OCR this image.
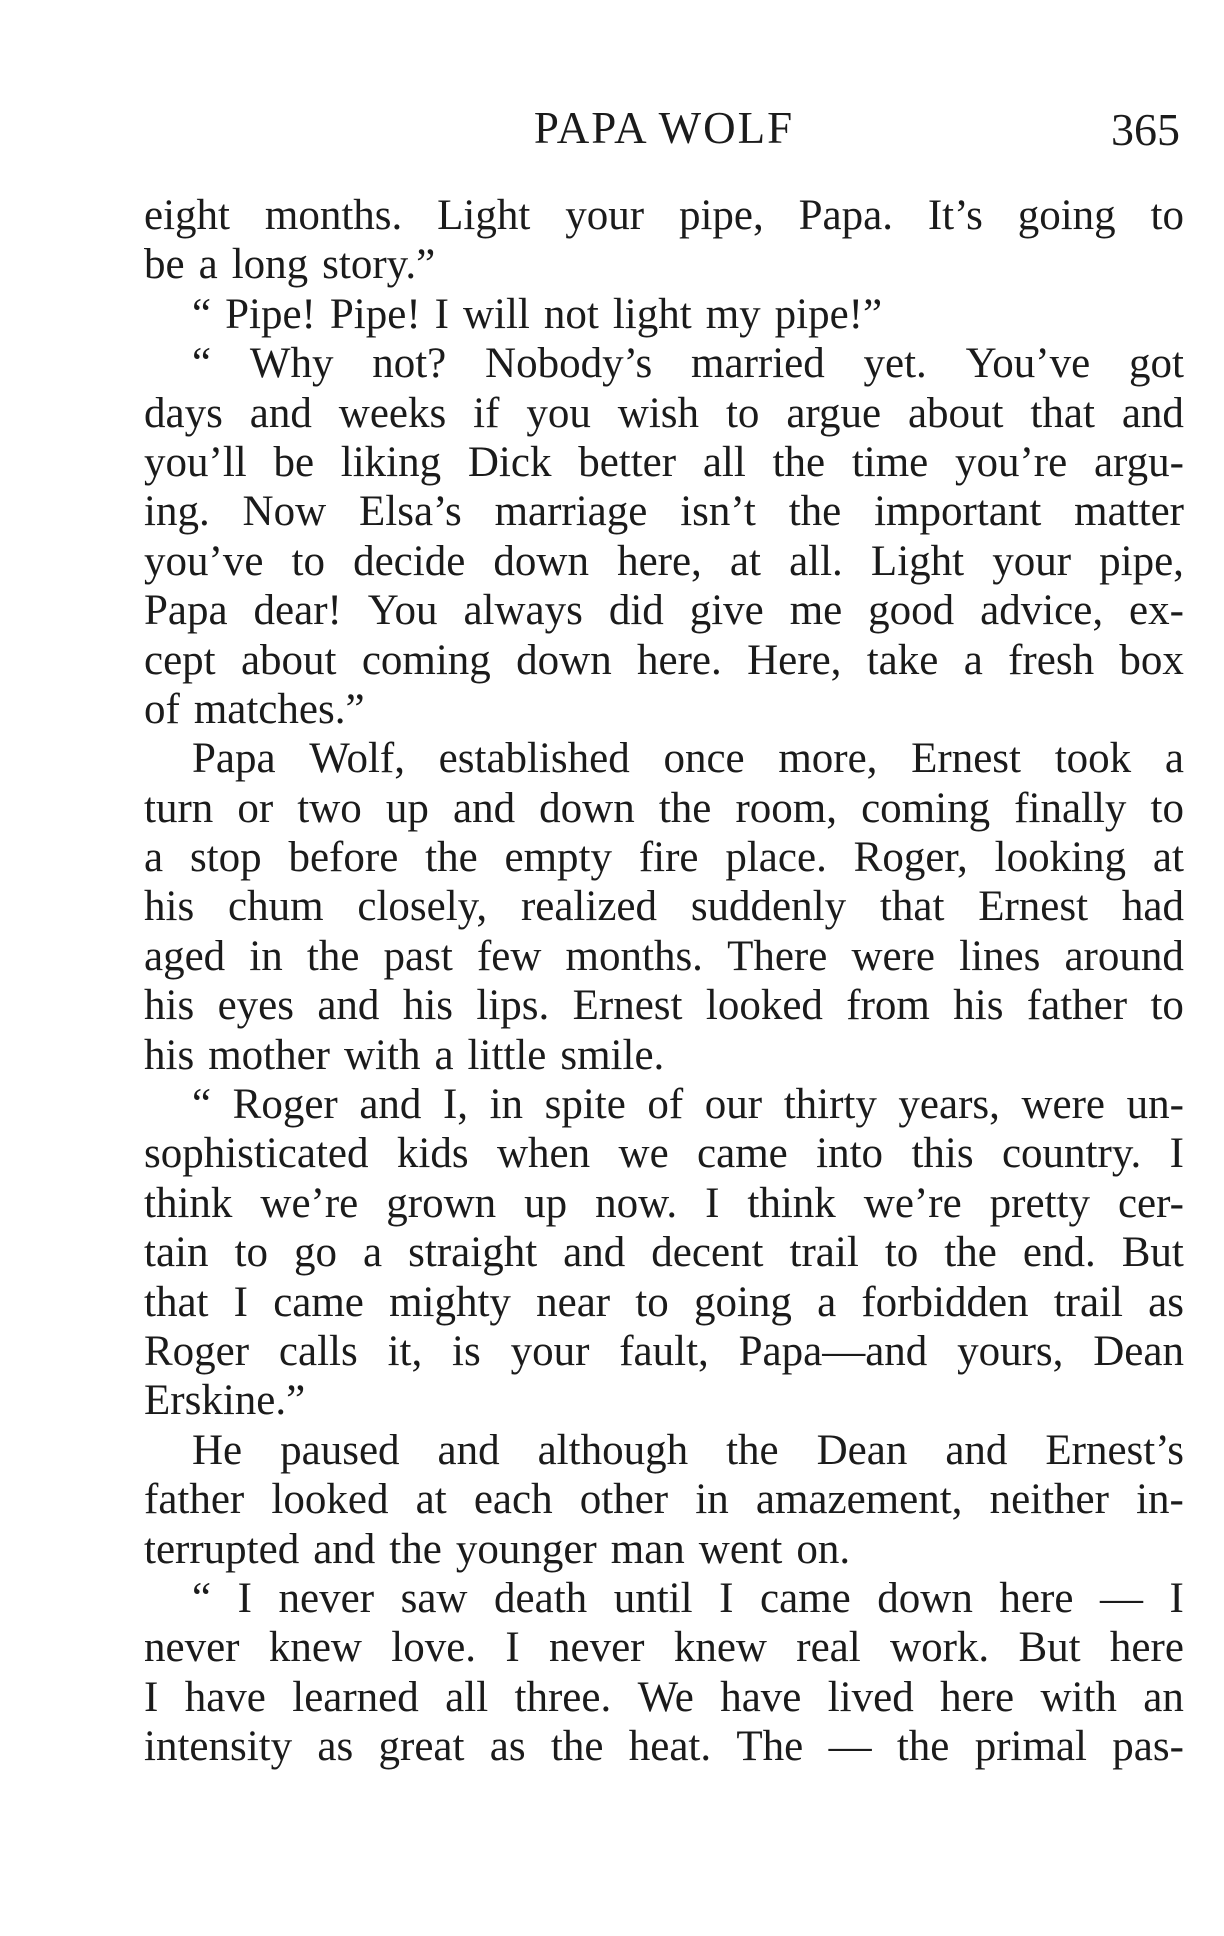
PAPA WOLF	365
eight months. Light your pipe, Papa. It’s going to
be a long story.”
“ Pipe! Pipe! I will not light my pipe!”
“ Why not? Nobody’s married yet. You’ve got
days and weeks if you wish to argue about that and
you’ll be liking Dick better all the time you’re argu-
ing. Now Elsa’s marriage isn’t the important matter
you’ve to decide down here, at all. Light your pipe,
Papa dear! You always did give me good advice, ex-
cept about coming down here. Here, take a fresh box
of matches.”
Papa Wolf, established once more, Ernest took a
turn or two up and down the room, coming finally to
a stop before the empty fire place. Roger, looking at
his chum closely, realized suddenly that Ernest had
aged in the past few months. There were lines around
his eyes and his lips. Ernest looked from his father to
his mother with a little smile.
“ Roger and I, in spite of our thirty years, were un-
sophisticated kids when we came into this country. I
think we’re grown up now. I think we’re pretty cer-
tain to go a straight and decent trail to the end. But
that I came mighty near to going a forbidden trail as
Roger calls it, is your fault, Papa—and yours, Dean
Erskine.”
He paused and although the Dean and Ernest’s
father looked at each other in amazement, neither in-
terrupted and the younger man went on.
“ I never saw death until I came down here — I
never knew love. I never knew real work. But here
I have learned all three. We have lived here with an
intensity as great as the heat. The — the primal pas-
